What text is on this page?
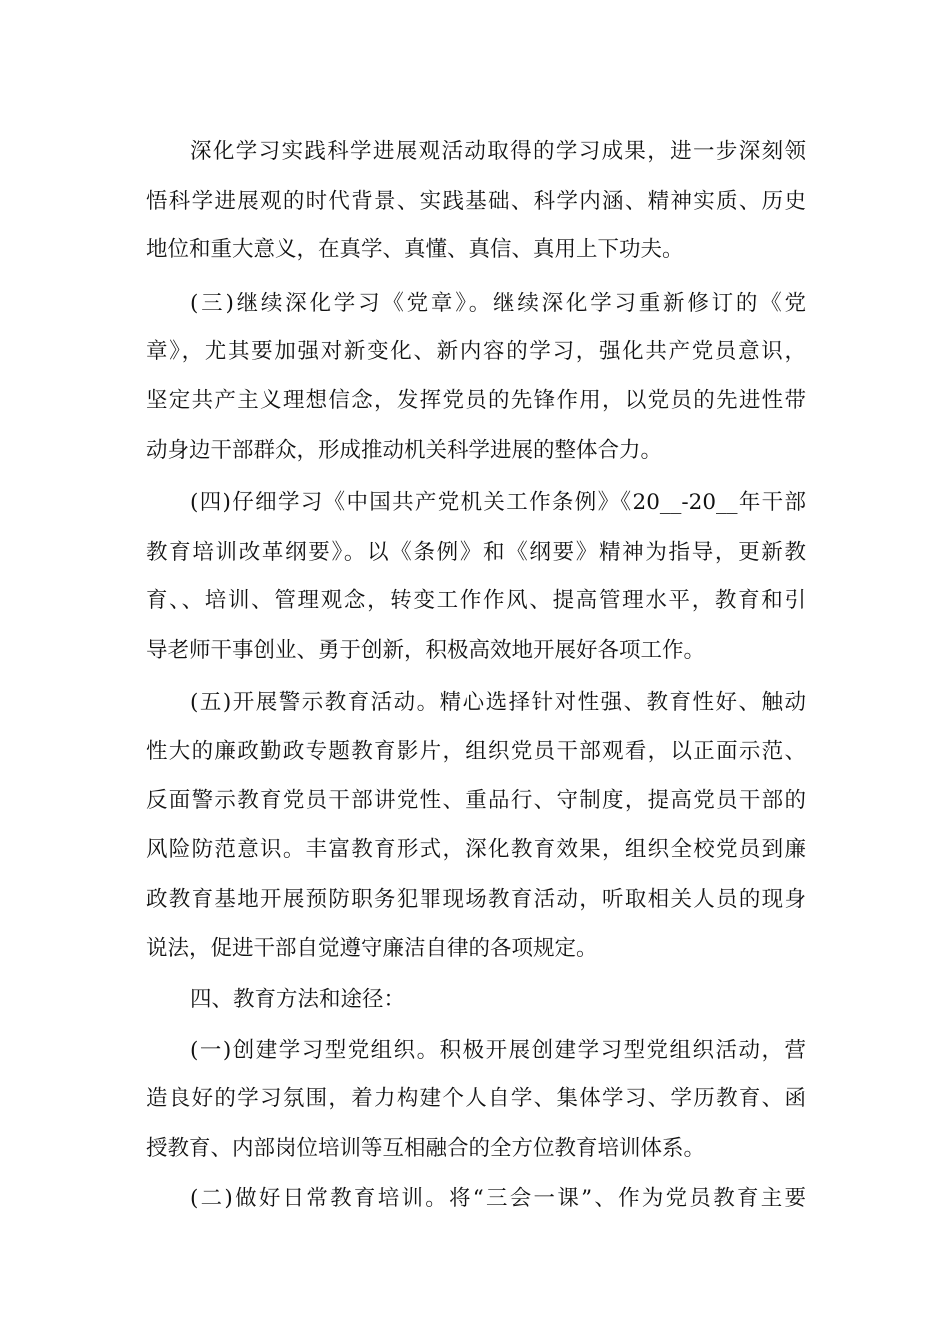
深化学习实践科学进展观活动取得的学习成果，进一步深刻领
悟科学进展观的时代背景、实践基础、科学内涵、精神实质、历史
地位和重大意义，在真学、真懂、真信、真用上下功夫。
(三)继续深化学习《党章》。继续深化学习重新修订的《党
章》，尤其要加强对新变化、新内容的学习，强化共产党员意识，
坚定共产主义理想信念，发挥党员的先锋作用，以党员的先进性带
动身边干部群众，形成推动机关科学进展的整体合力。
(四)仔细学习《中国共产党机关工作条例》《20__-20__年干部
教育培训改革纲要》。以《条例》和《纲要》精神为指导，更新教
育、、培训、管理观念，转变工作作风、提高管理水平，教育和引
导老师干事创业、勇于创新，积极高效地开展好各项工作。
(五)开展警示教育活动。精心选择针对性强、教育性好、触动
性大的廉政勤政专题教育影片，组织党员干部观看，以正面示范、
反面警示教育党员干部讲党性、重品行、守制度，提高党员干部的
风险防范意识。丰富教育形式，深化教育效果，组织全校党员到廉
政教育基地开展预防职务犯罪现场教育活动，听取相关人员的现身
说法，促进干部自觉遵守廉洁自律的各项规定。
四、教育方法和途径：
(一)创建学习型党组织。积极开展创建学习型党组织活动，营
造良好的学习氛围，着力构建个人自学、集体学习、学历教育、函
授教育、内部岗位培训等互相融合的全方位教育培训体系。
(二)做好日常教育培训。将“三会一课”、作为党员教育主要
